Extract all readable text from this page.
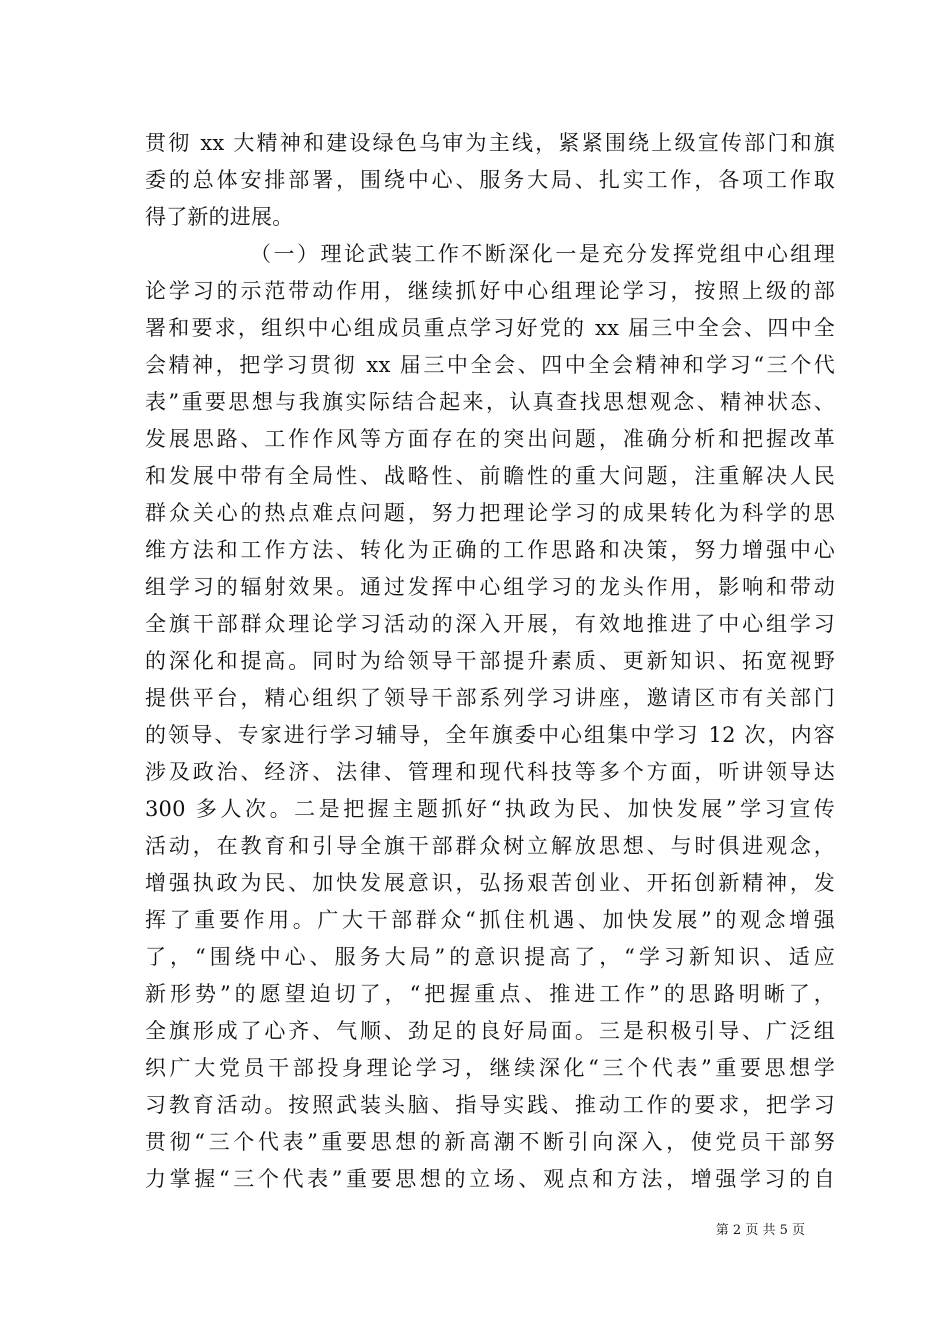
贯彻 xx 大精神和建设绿色乌审为主线，紧紧围绕上级宣传部门和旗
委的总体安排部署，围绕中心、服务大局、扎实工作，各项工作取
得了新的进展。
（一）理论武装工作不断深化一是充分发挥党组中心组理
论学习的示范带动作用，继续抓好中心组理论学习，按照上级的部
署和要求，组织中心组成员重点学习好党的 xx 届三中全会、四中全
会精神，把学习贯彻 xx 届三中全会、四中全会精神和学习“三个代
表”重要思想与我旗实际结合起来，认真查找思想观念、精神状态、
发展思路、工作作风等方面存在的突出问题，准确分析和把握改革
和发展中带有全局性、战略性、前瞻性的重大问题，注重解决人民
群众关心的热点难点问题，努力把理论学习的成果转化为科学的思
维方法和工作方法、转化为正确的工作思路和决策，努力增强中心
组学习的辐射效果。通过发挥中心组学习的龙头作用，影响和带动
全旗干部群众理论学习活动的深入开展，有效地推进了中心组学习
的深化和提高。同时为给领导干部提升素质、更新知识、拓宽视野
提供平台，精心组织了领导干部系列学习讲座，邀请区市有关部门
的领导、专家进行学习辅导，全年旗委中心组集中学习 12 次，内容
涉及政治、经济、法律、管理和现代科技等多个方面，听讲领导达
300 多人次。二是把握主题抓好“执政为民、加快发展”学习宣传
活动，在教育和引导全旗干部群众树立解放思想、与时俱进观念，
增强执政为民、加快发展意识，弘扬艰苦创业、开拓创新精神，发
挥了重要作用。广大干部群众“抓住机遇、加快发展”的观念增强
了，“围绕中心、服务大局”的意识提高了，“学习新知识、适应
新形势”的愿望迫切了，“把握重点、推进工作”的思路明晰了，
全旗形成了心齐、气顺、劲足的良好局面。三是积极引导、广泛组
织广大党员干部投身理论学习，继续深化“三个代表”重要思想学
习教育活动。按照武装头脑、指导实践、推动工作的要求，把学习
贯彻“三个代表”重要思想的新高潮不断引向深入，使党员干部努
力掌握“三个代表”重要思想的立场、观点和方法，增强学习的自
第 2 页 共 5 页
